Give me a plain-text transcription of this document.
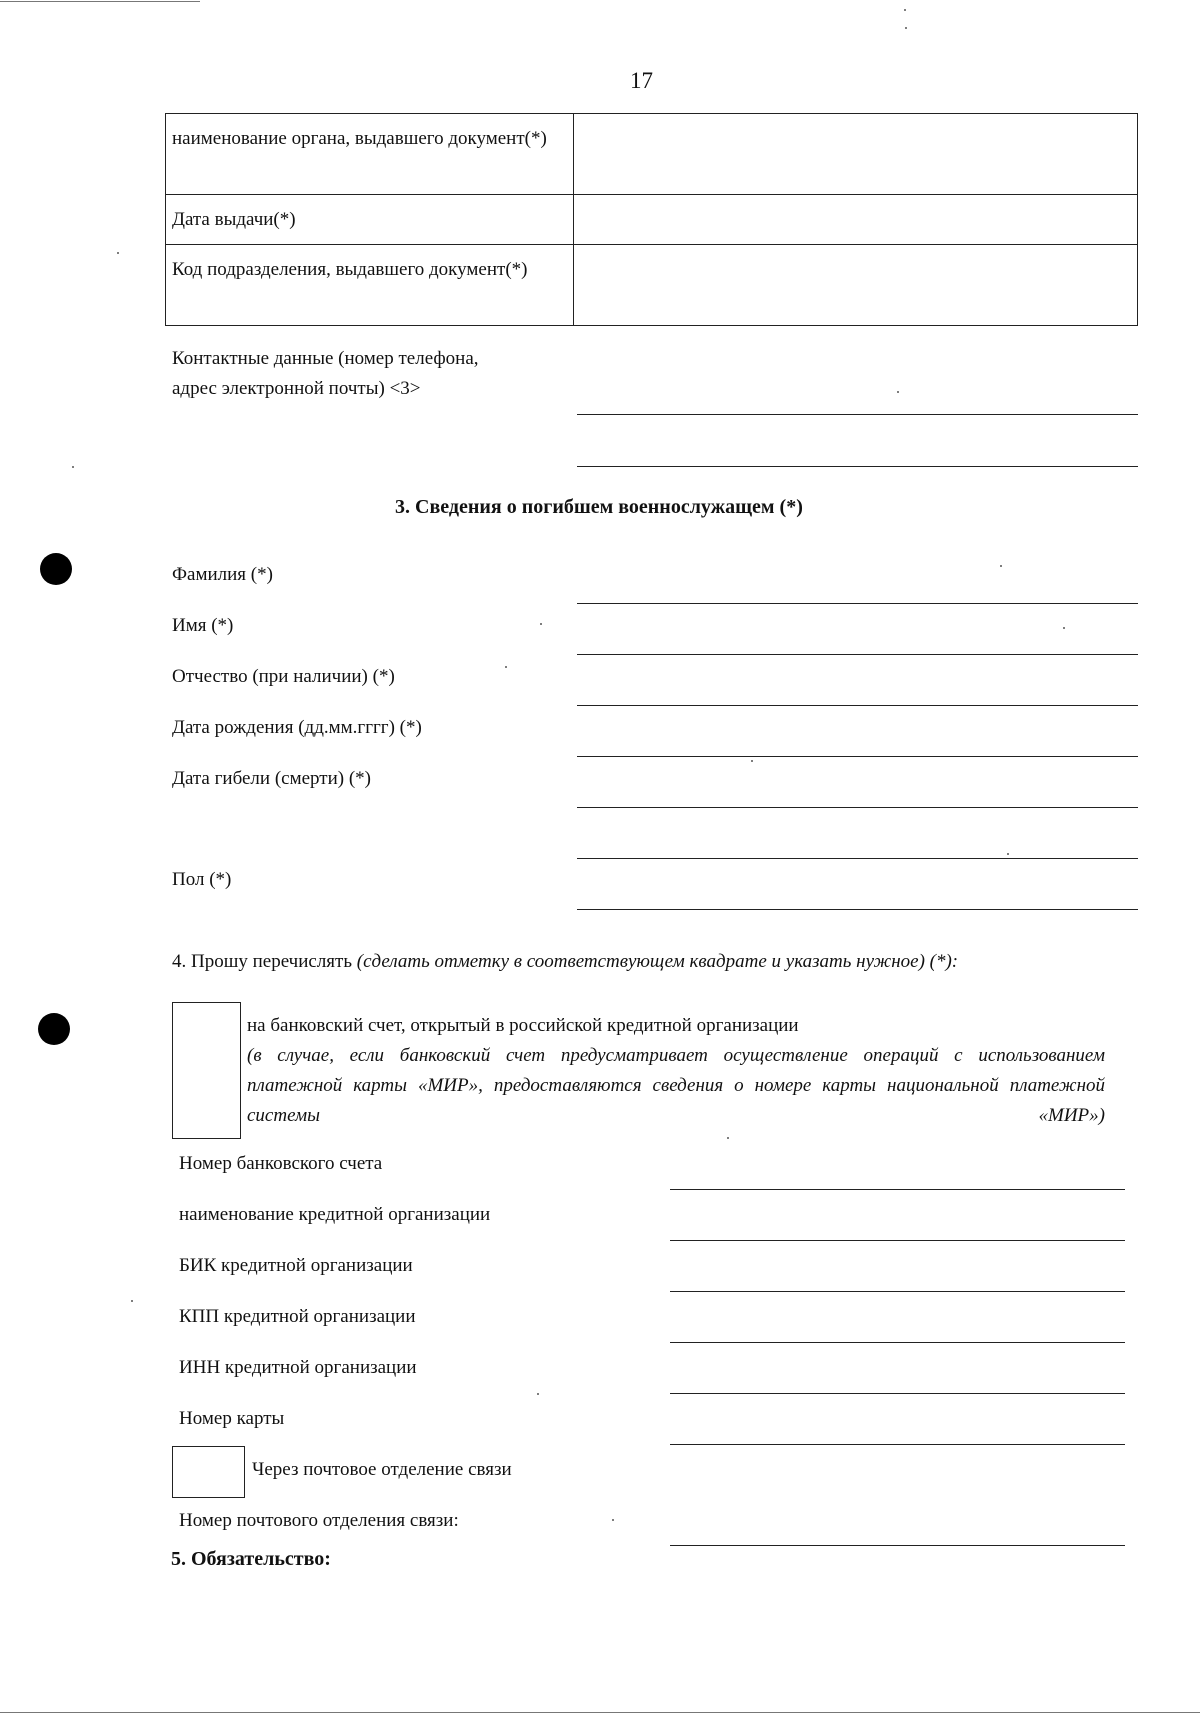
17
наименование органа, выдавшего документ(*)	
Дата выдачи(*)	
Код подразделения, выдавшего документ(*)	
Контактные данные (номер телефона,
адрес электронной почты) <3>
3. Сведения о погибшем военнослужащем (*)
Фамилия (*)
Имя (*)
Отчество (при наличии) (*)
Дата рождения (дд.мм.гггг) (*)
Дата гибели (смерти) (*)
Пол (*)
4. Прошу перечислять (сделать отметку в соответствующем квадрате и указать нужное) (*):
на банковский счет, открытый в российской кредитной организации
(в случае, если банковский счет предусматривает осуществление операций с использованием платежной карты «МИР», предоставляются сведения о номере карты национальной платежной системы «МИР»)
Номер банковского счета
наименование кредитной организации
БИК кредитной организации
КПП кредитной организации
ИНН кредитной организации
Номер карты
Через почтовое отделение связи
Номер почтового отделения связи:
5. Обязательство:
